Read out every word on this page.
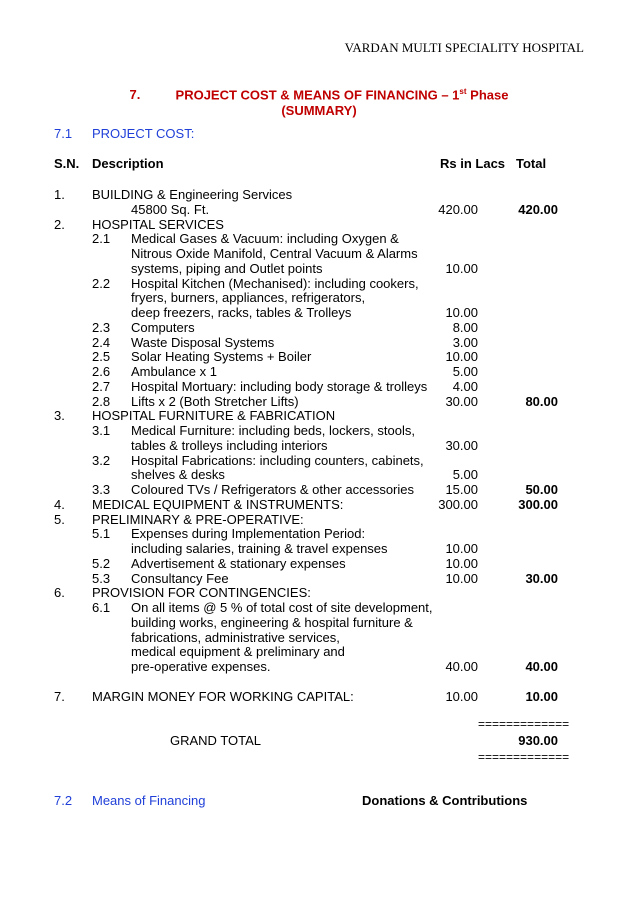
VARDAN MULTI SPECIALITY HOSPITAL
7.	PROJECT COST & MEANS OF FINANCING – 1st Phase
(SUMMARY)
7.1 PROJECT COST:
S.N. Description	Rs in Lacs Total
1. BUILDING & Engineering Services
45800 Sq. Ft.	420.00	420.00
2. HOSPITAL SERVICES
2.1 Medical Gases & Vacuum: including Oxygen &
Nitrous Oxide Manifold, Central Vacuum & Alarms
systems, piping and Outlet points	10.00
2.2 Hospital Kitchen (Mechanised): including cookers,
fryers, burners, appliances, refrigerators,
deep freezers, racks, tables & Trolleys	10.00
2.3 Computers	8.00
2.4 Waste Disposal Systems	3.00
2.5 Solar Heating Systems + Boiler	10.00
2.6 Ambulance x 1	5.00
2.7 Hospital Mortuary: including body storage & trolleys	4.00
2.8 Lifts x 2 (Both Stretcher Lifts)	30.00	80.00
3. HOSPITAL FURNITURE & FABRICATION
3.1 Medical Furniture: including beds, lockers, stools,
tables & trolleys including interiors	30.00
3.2 Hospital Fabrications: including counters, cabinets,
shelves & desks	5.00
3.3 Coloured TVs / Refrigerators & other accessories	15.00	50.00
4. MEDICAL EQUIPMENT & INSTRUMENTS:	300.00	300.00
5. PRELIMINARY & PRE-OPERATIVE:
5.1 Expenses during Implementation Period:
including salaries, training & travel expenses	10.00
5.2 Advertisement & stationary expenses	10.00
5.3 Consultancy Fee	10.00	30.00
6. PROVISION FOR CONTINGENCIES:
6.1 On all items @ 5 % of total cost of site development,
building works, engineering & hospital furniture &
fabrications, administrative services,
medical equipment & preliminary and
pre-operative expenses.	40.00	40.00
7. MARGIN MONEY FOR WORKING CAPITAL:	10.00	10.00
=============
GRAND TOTAL	930.00
=============
7.2 Means of Financing	Donations & Contributions
